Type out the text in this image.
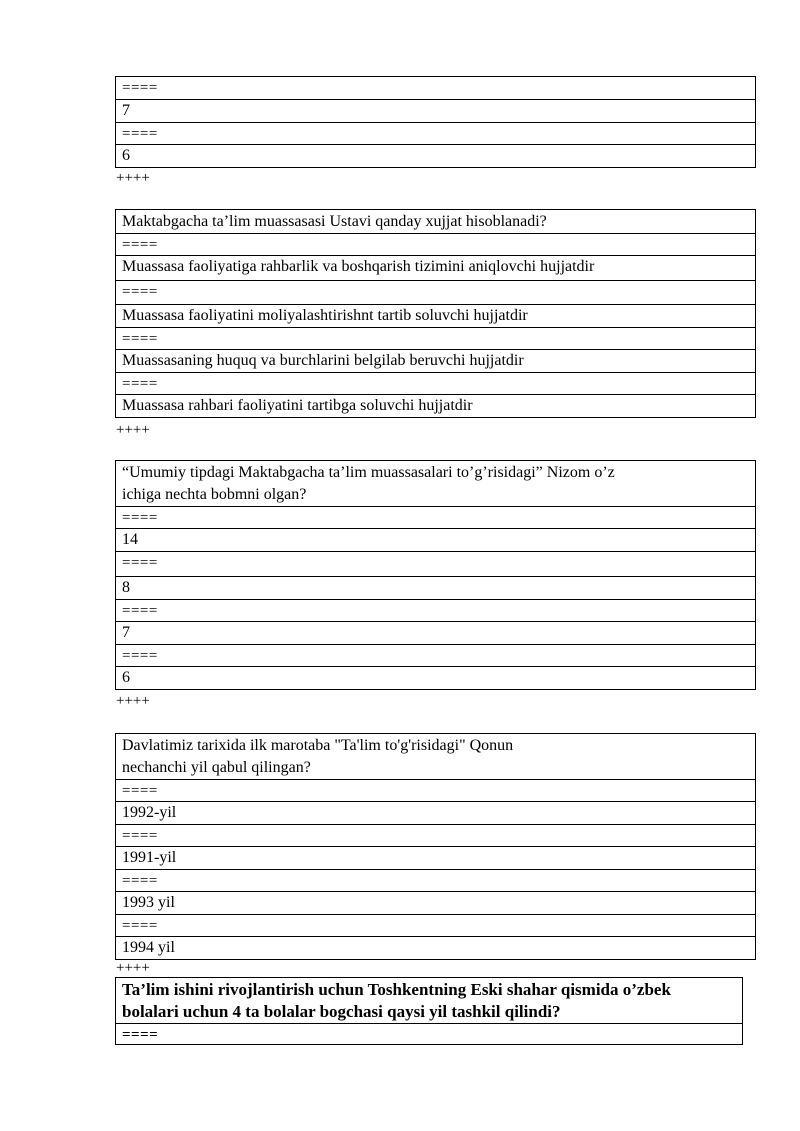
====
7
====
6
++++
Maktabgacha ta’lim muassasasi Ustavi qanday xujjat hisoblanadi?
====
Muassasa faoliyatiga rahbarlik va boshqarish tizimini aniqlovchi hujjatdir
====
Muassasa faoliyatini moliyalashtirishnt tartib soluvchi hujjatdir
====
Muassasaning huquq va burchlarini belgilab beruvchi hujjatdir
====
Muassasa rahbari faoliyatini tartibga soluvchi hujjatdir
++++
“Umumiy tipdagi Maktabgacha ta’lim muassasalari to’g’risidagi” Nizom o’z
ichiga nechta bobmni olgan?
====
14
====
8
====
7
====
6
++++
Davlatimiz tarixida ilk marotaba "Ta'lim to'g'risidagi" Qonun
nechanchi yil qabul qilingan?
====
1992-yil
====
1991-yil
====
1993 yil
====
1994 yil
++++
Ta’lim ishini rivojlantirish uchun Toshkentning Eski shahar qismida o’zbek
bolalari uchun 4 ta bolalar bogchasi qaysi yil tashkil qilindi?
====
